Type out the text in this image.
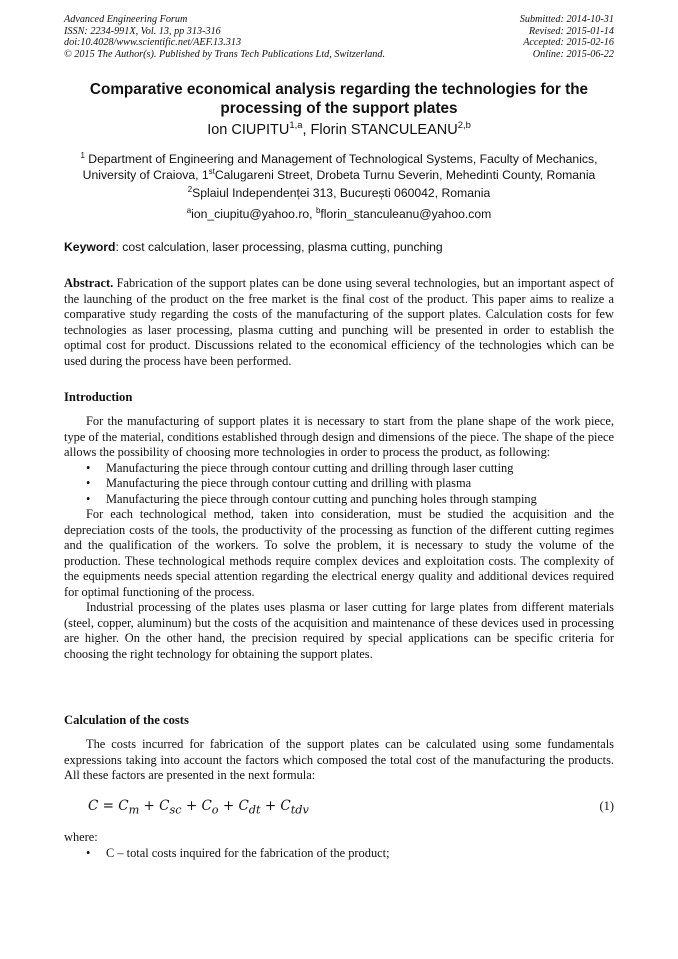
Advanced Engineering Forum
ISSN: 2234-991X, Vol. 13, pp 313-316
doi:10.4028/www.scientific.net/AEF.13.313
© 2015 The Author(s). Published by Trans Tech Publications Ltd, Switzerland.
Submitted: 2014-10-31
Revised: 2015-01-14
Accepted: 2015-02-16
Online: 2015-06-22
Comparative economical analysis regarding the technologies for the
processing of the support plates
Ion CIUPITU$^{1,a}$, Florin STANCULEANU$^{2,b}$
$^1$ Department of Engineering and Management of Technological Systems, Faculty of Mechanics,
University of Craiova, 1stCalugareni Street, Drobeta Turnu Severin, Mehedinti County, Romania
$^2$Splaiul Independenței 313, București 060042, Romania
$^a$ion_ciupitu@yahoo.ro, $^b$florin_stanculeanu@yahoo.com
Keyword: cost calculation, laser processing, plasma cutting, punching
Abstract. Fabrication of the support plates can be done using several technologies, but an important aspect of the launching of the product on the free market is the final cost of the product. This paper aims to realize a comparative study regarding the costs of the manufacturing of the support plates. Calculation costs for few technologies as laser processing, plasma cutting and punching will be presented in order to establish the optimal cost for product. Discussions related to the economical efficiency of the technologies which can be used during the process have been performed.
Introduction
For the manufacturing of support plates it is necessary to start from the plane shape of the work piece, type of the material, conditions established through design and dimensions of the piece. The shape of the piece allows the possibility of choosing more technologies in order to process the product, as following:
• Manufacturing the piece through contour cutting and drilling through laser cutting
• Manufacturing the piece through contour cutting and drilling with plasma
• Manufacturing the piece through contour cutting and punching holes through stamping
For each technological method, taken into consideration, must be studied the acquisition and the depreciation costs of the tools, the productivity of the processing as function of the different cutting regimes and the qualification of the workers. To solve the problem, it is necessary to study the volume of the production. These technological methods require complex devices and exploitation costs. The complexity of the equipments needs special attention regarding the electrical energy quality and additional devices required for optimal functioning of the process.
Industrial processing of the plates uses plasma or laser cutting for large plates from different materials (steel, copper, aluminum) but the costs of the acquisition and maintenance of these devices used in processing are higher. On the other hand, the precision required by special applications can be specific criteria for choosing the right technology for obtaining the support plates.
Calculation of the costs
The costs incurred for fabrication of the support plates can be calculated using some fundamentals expressions taking into account the factors which composed the total cost of the manufacturing the products. All these factors are presented in the next formula:
$C = C_m + C_{sc} + C_o + C_{dt} + C_{tdv}$	(1)
where:
• C – total costs inquired for the fabrication of the product;
